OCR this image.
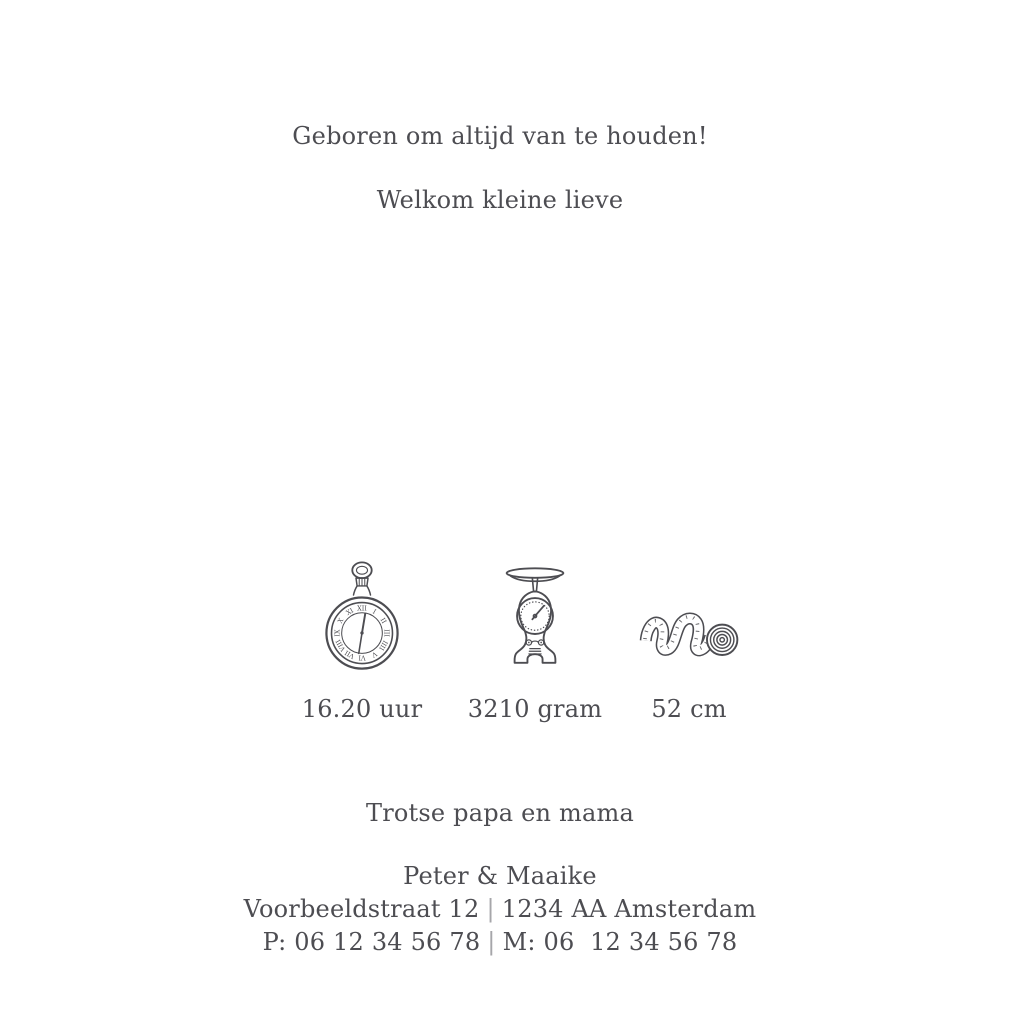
Geboren om altijd van te houden!
Welkom kleine lieve
XII I
II
III
IIII
V
VI
VII
VIII
IX
X
XI
16.20 uur 3210 gram 52 cm
Trotse papa en mama
Peter & Maaike
Voorbeeldstraat 12 | 1234 AA Amsterdam
P: 06 12 34 56 78 | M: 06  12 34 56 78
